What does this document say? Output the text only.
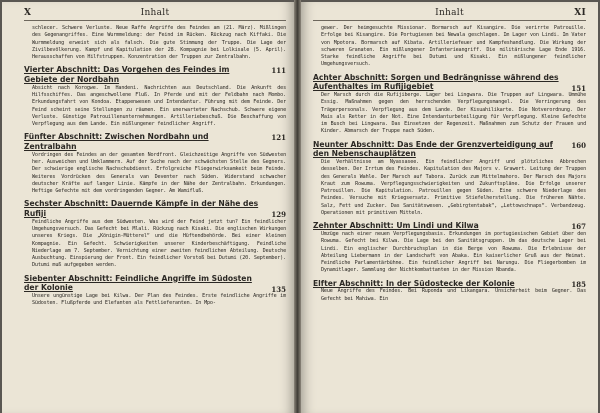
X	Inhalt

schlecer. Schwere Verluste. Neue Raffe Angriffe des Feindes am (21. März). Mißlingen des Gegenangriffes. Eine Wurmmeldung: der Feind im Rücken. Rückzug nach Kiffaki. Die Wurmmeldung erweist sich als falsch. Die gute Stimmung der Truppe. Die Lage der Zivilbevölkerung. Kampf und Kapitulation der 28. Kompagnie bei Lolkisale (5. April). Herausschaffen von Hilfstruppen. Konzentration der Truppen zur Zentralbahn.

Vierter Abschnitt: Das Vorgehen des Feindes im Gebiete der Nordbahn
111

Absicht nach Korogwe. Im Handeni. Nachrichten aus Deutschland. Die Ankunft des Hilfsschiffes. Das angeschwollene Fluß. In Pferde und mit der Feldbahn nach Mombo. Erkundungsfahrt von Kondoa. Etappenwesen und Intendantur. Führung mit dem Feinde. Der Feind scheint seine Stellungen zu räumen. Ein unerwarteter Nachschub. Schwere eigene Verluste. Günstige Patrouillenunternehmungen. Artilleriebeschuß. Die Beschaffung von Verpflegung aus dem Lande. Ein mißlungener feindlicher Angriff.

Fünfter Abschnitt: Zwischen Nordbahn und Zentralbahn
121

Vordringen des Feindes an der gesamten Nordfront. Gleichzeitige Angriffe von Südwesten her. Ausweichen und Umklammern. Auf der Suche nach der schwächsten Stelle des Gegners. Der schwierige englische Nachschubdienst. Erfolgreiche Fliegerwirksamkeit beim Feinde. Weiteres Vordrücken des Generals van Deventer nach Süden. Widerstand schwacher deutscher Kräfte auf langer Linie. Kämpfe in der Nähe der Zentralbahn. Erkundungen. Heftige Gefechte mit dem vordringenden Gegner. Am Wamifluß.

Sechster Abschnitt: Dauernde Kämpfe in der Nähe des Rufiji	129

Feindliche Angriffe aus dem Südwesten. Was wird der Feind jetzt tun? Ein feindlicher Umgehungsversuch. Das Gefecht bei Mlali. Rückzug nach Kisaki. Die englischen Wirkungen unseres Kriegs. Die „Königin-Mütterel“ und die Hüftendbehörde. Bei einer kleinen Kompagnie. Ein Gefecht. Schwierigkeiten unserer Kinderbeschäftigung. Feindliche Niederlage am 7. September. Vernichtung einer zweiten feindlichen Abteilung. Deutsche Ausbuchtung. Einspierung der Front. Ein feindlicher Vorstoß bei Dutumi (20. September). Dutumi muß aufgegeben werden.

Siebenter Abschnitt: Feindliche Angriffe im Südosten der Kolonie	135

Unsere ungünstige Lage bei Kilwa. Der Plan des Feindes. Erste feindliche Angriffe im Südosten. Flußpferde und Elefanten als Fettlieferanten. In Mpo-

Inhalt	XI

gewer. Der heimgesuchte Missionar. Bormarsch auf Kisangire. Die verirrte Patrouille. Erfolge bei Kisangire. Die Portugiesen bei Newala geschlagen. Im Lager von Lindi. Im Vater von Mpotora. Bormarsch auf Kibata. Artilleriefeuer und Kampfeshandlung. Die Wirkung der schweren Granaten. Ein mißlungener Infanterieangriff. Die militärische Lage Ende 1916. Starke feindliche Angriffe bei Dutumi und Kisaki. Ein mißlungener feindlicher Umgehungsversuch.

Achter Abschnitt: Sorgen und Bedrängnisse während des Aufenthaltes im Rufijigebiet	151

Der Marsch durch die Rufijiberge. Lager bei Lingwara. Die Truppen auf Lingwara. Ummühe Essig. Maßnahmen gegen den herrschenden Verpflegungsmangel. Die Verringerung des Trägerpersonals. Verpflegung aus dem Lande. Der Kisuahilikarte. Die Notverordnung. Der Mais als Retter in der Not. Eine Intendanturbeteiligung für Verpflegung. Kleine Gefechte im Busch bei Lingwara. Das Einsetzen der Regenzeit. Maßnahmen zum Schutz der Frauen und Kinder. Abmarsch der Truppe nach Süden.

Neunter Abschnitt: Das Ende der Grenzverteidigung auf den Nebenschauplätzen
160

Die Verhältnisse am Nyassasee. Ein feindlicher Angriff und plötzliches Abbrechen desselben. Der Irrtum des Feindes. Kapitulation des Majors v. Grawert. Leitung der Truppen des Generals Wahle. Der Marsch auf Tabora. Zurück zum Mittelmahoro. Der Marsch des Majors Kraut zum Rowuma. Verpflegungsschwierigkeiten und Zukunftspläne. Die Erfolge unserer Patrouillen. Die Kapitulation. Patrouillen gegen Süden. Eine schwere Niederlage des Feindes. Versuche mit Kriegsersatz. Primitive Stiefelherstellung. Die früheren Nähte. Salz, Fett und Zucker. Das Sanitätswesen. „Gebirgtentabak“, „Lettowschnaps“. Verbandzeug. Operationen mit primitiven Mitteln.

Zehnter Abschnitt: Um Lindi und Kilwa	167

Umzüge nach einer neuen Verpflegungsbasis. Erkundungen im portugiesischen Gebiet über den Rowuma. Gefecht bei Kilwa. Die Lage bei den Sanitätsgruppen. Um das deutsche Lager bei Lindi. Ein englischer Durchbruchsplan in die Berge von Rowuma. Die Erlebnisse der Abteilung Liebermann in der Landschaft von Abaka. Ein kaiserlicher Gruß aus der Heimat. Feindliche Parlamentärbühne. Ein feindlicher Angriff bei Narungu. Die Fliegerbomben im Dynamitlager. Sammlung der Nichtkombattanten in der Mission Nbanda.

Elfter Abschnitt: In der Südostecke der Kolonie	185

Neue Angriffe des Feindes. Bei Ruponda und Likangara. Unsicherheit beim Gegner. Das Gefecht bei Mahiwa. Ein
